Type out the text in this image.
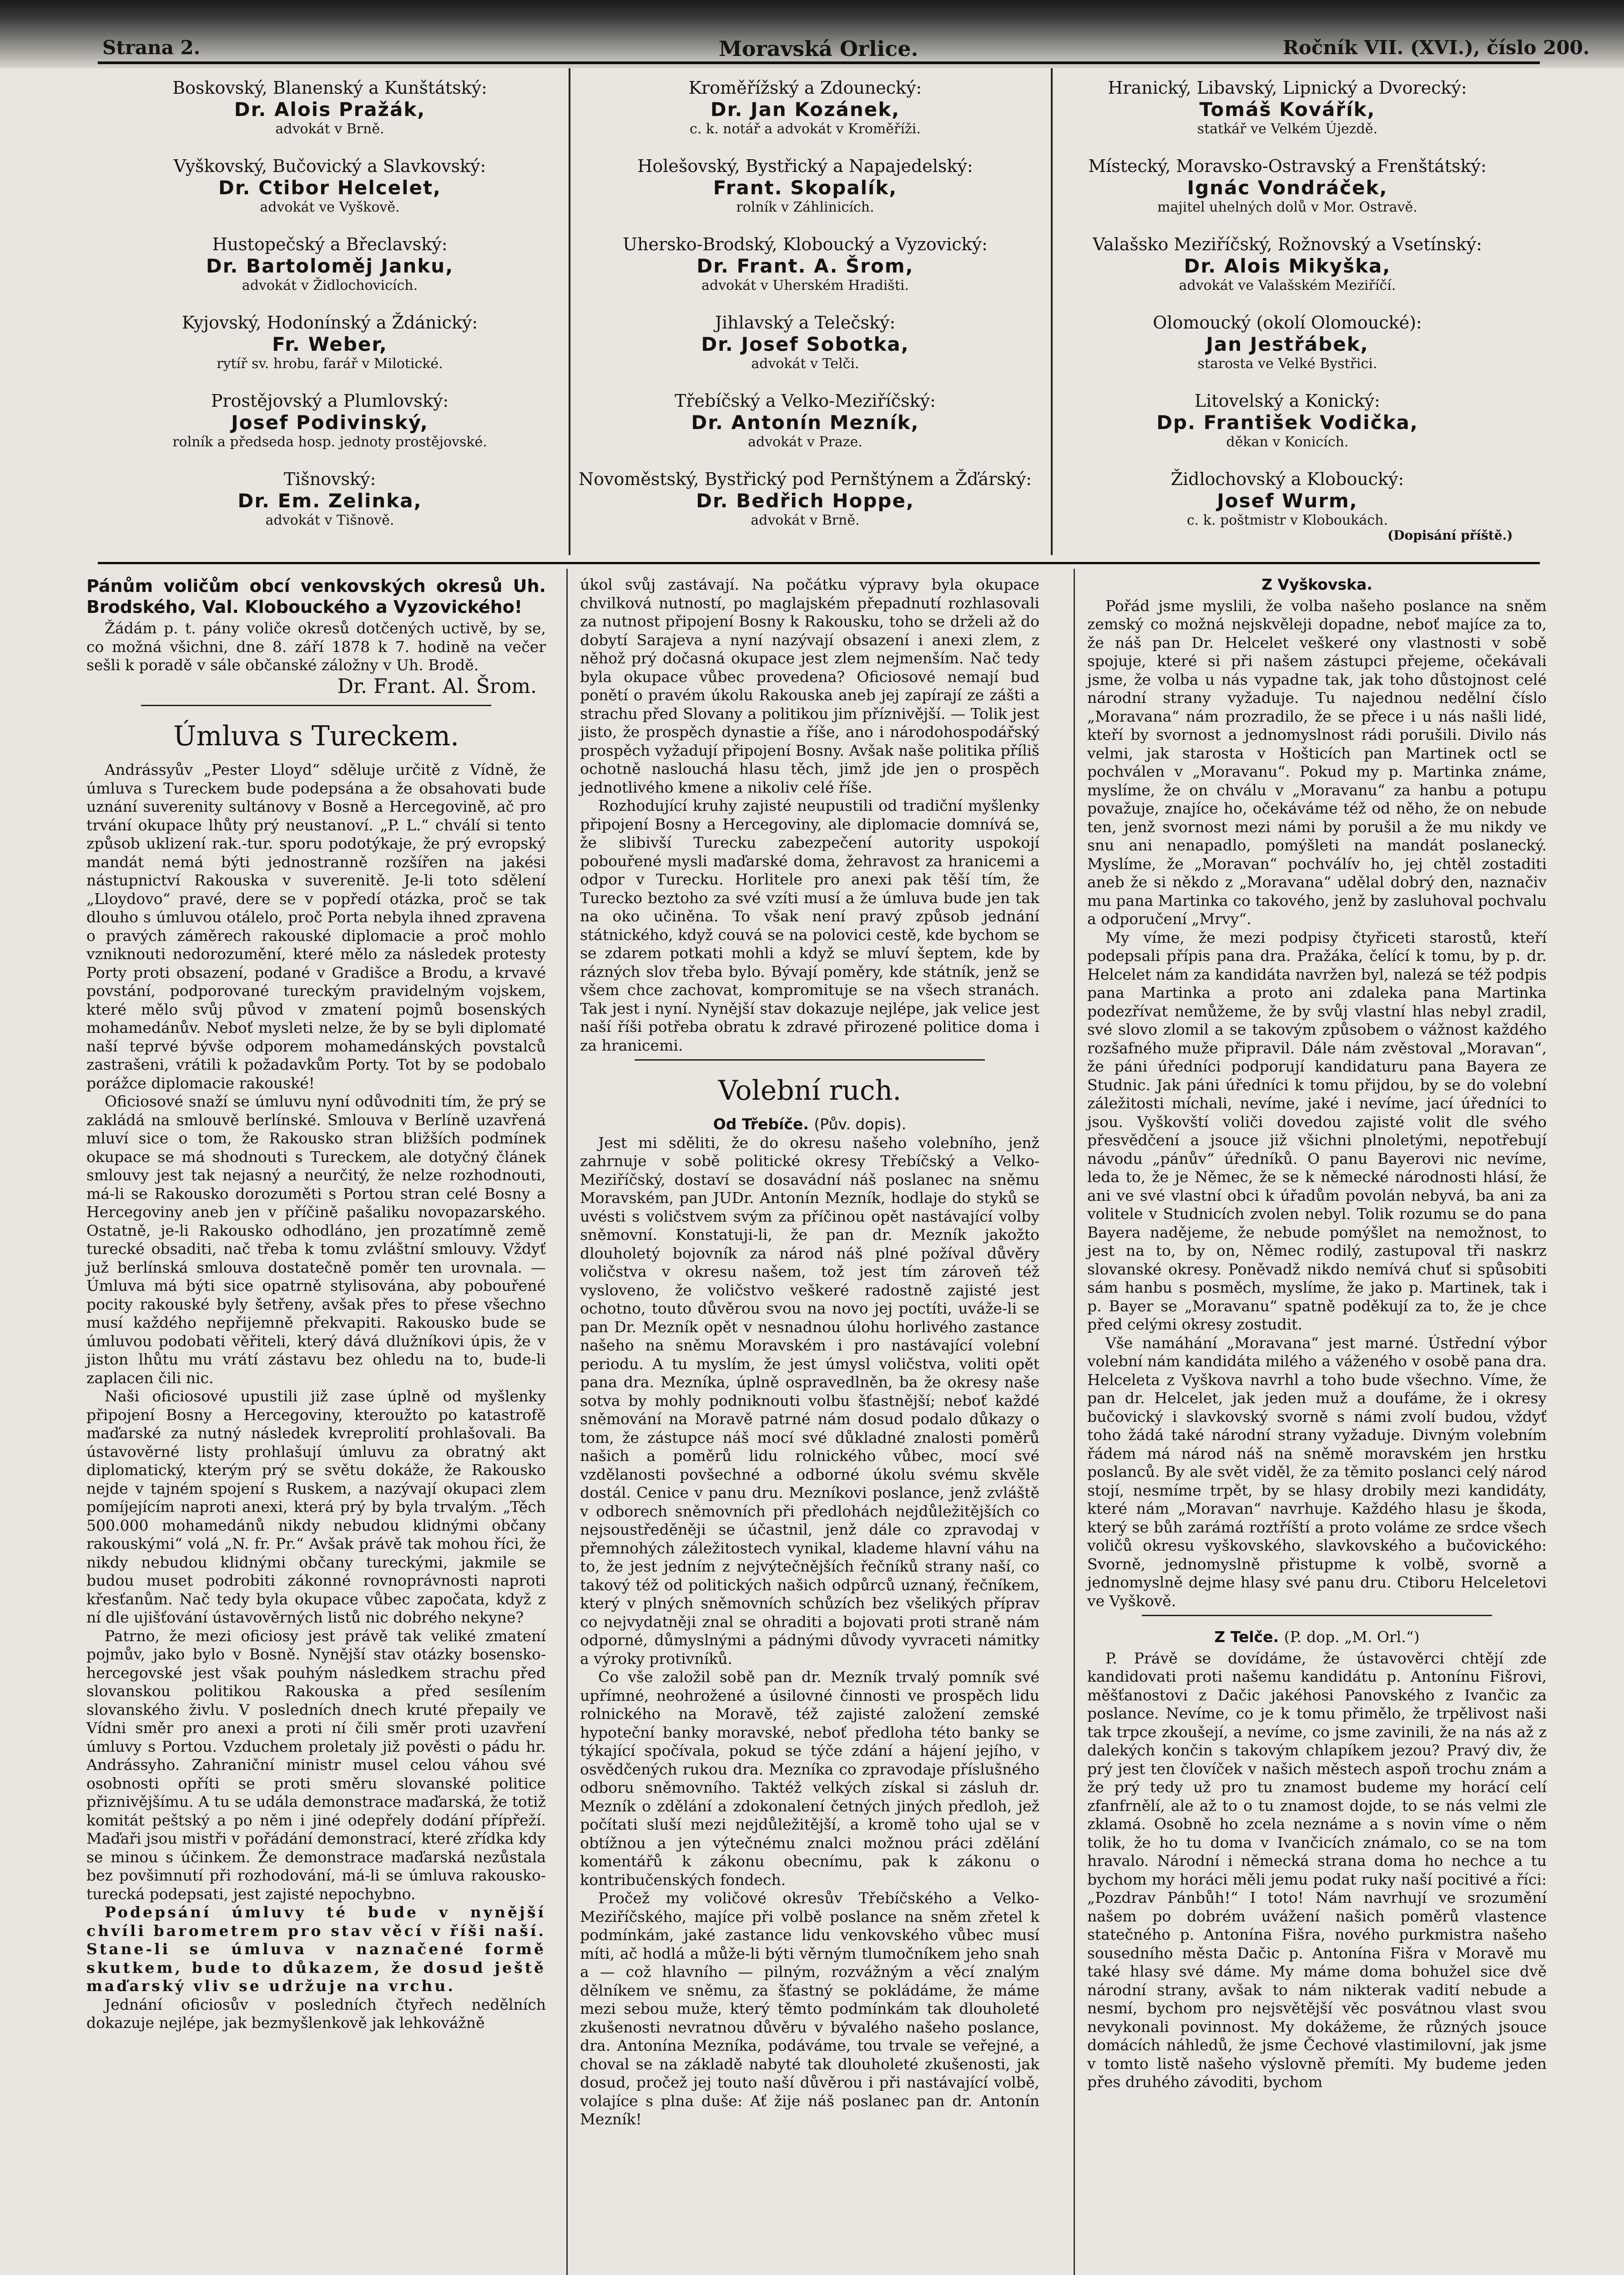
Strana 2.	Moravská Orlice.	Ročník VII. (XVI.), číslo 200.
Boskovský, Blanenský a Kunštátský:
Dr. Alois Pražák,
advokát v Brně.
Vyškovský, Bučovický a Slavkovský:
Dr. Ctibor Helcelet,
advokát ve Vyškově.
Hustopečský a Břeclavský:
Dr. Bartoloměj Janku,
advokát v Židlochovicích.
Kyjovský, Hodonínský a Ždánický:
Fr. Weber,
rytíř sv. hrobu, farář v Milotické.
Prostějovský a Plumlovský:
Josef Podivinský,
rolník a předseda hosp. jednoty prostějovské.
Tišnovský:
Dr. Em. Zelinka,
advokát v Tišnově.
Kroměřížský a Zdounecký:
Dr. Jan Kozánek,
c. k. notář a advokát v Kroměříži.
Holešovský, Bystřický a Napajedelský:
Frant. Skopalík,
rolník v Záhlinicích.
Uhersko-Brodský, Kloboucký a Vyzovický:
Dr. Frant. A. Šrom,
advokát v Uherském Hradišti.
Jihlavský a Telečský:
Dr. Josef Sobotka,
advokát v Telči.
Třebíčský a Velko-Meziříčský:
Dr. Antonín Mezník,
advokát v Praze.
Novoměstský, Bystřický pod Pernštýnem a Žďárský:
Dr. Bedřich Hoppe,
advokát v Brně.
Hranický, Libavský, Lipnický a Dvorecký:
Tomáš Kovářík,
statkář ve Velkém Újezdě.
Místecký, Moravsko-Ostravský a Frenštátský:
Ignác Vondráček,
majitel uhelných dolů v Mor. Ostravě.
Valašsko Meziříčský, Rožnovský a Vsetínský:
Dr. Alois Mikyška,
advokát ve Valašském Meziříčí.
Olomoucký (okolí Olomoucké):
Jan Jestřábek,
starosta ve Velké Bystřici.
Litovelský a Konický:
Dp. František Vodička,
děkan v Konicích.
Židlochovský a Kloboucký:
Josef Wurm,
c. k. poštmistr v Kloboukách.
(Dopisání příště.)
Pánům voličům obcí venkovských okresů Uh. Brodského, Val. Klobouckého a Vyzovického!

Žádám p. t. pány voliče okresů dotčených uctivě, by se, co možná všichni, dne 8. září 1878 k 7. hodině na večer sešli k poradě v sále občanské záložny v Uh. Brodě.

Dr. Frant. Al. Šrom.
Úmluva s Tureckem.

Andrássyův „Pester Lloyd“ sděluje určitě z Vídně, že úmluva s Tureckem bude podepsána a že obsahovati bude uznání suverenity sultánovy v Bosně a Hercegovině, ač pro trvání okupace lhůty prý neustanoví. „P. L.“ chválí si tento způsob uklizení rak.-tur. sporu podotýkaje, že prý evropský mandát nemá býti jednostranně rozšířen na jakési nástupnictví Rakouska v suverenitě. Je-li toto sdělení „Lloydovo“ pravé, dere se v popředí otázka, proč se tak dlouho s úmluvou otálelo, proč Porta nebyla ihned zpravena o pravých záměrech rakouské diplomacie a proč mohlo vzniknouti nedorozumění, které mělo za následek protesty Porty proti obsazení, podané v Gradišce a Brodu, a krvavé povstání, podporované tureckým pravidelným vojskem, které mělo svůj původ v zmatení pojmů bosenských mohamedánův. Neboť mysleti nelze, že by se byli diplomaté naší teprvé bývše odporem mohamedánských povstalců zastrašeni, vrátili k požadavkům Porty. Tot by se podobalo porážce diplomacie rakouské!

Oficiosové snaží se úmluvu nyní odůvodniti tím, že prý se zakládá na smlouvě berlínské. Smlouva v Berlíně uzavřená mluví sice o tom, že Rakousko stran bližších podmínek okupace se má shodnouti s Tureckem, ale dotyčný článek smlouvy jest tak nejasný a neurčitý, že nelze rozhodnouti, má-li se Rakousko dorozuměti s Portou stran celé Bosny a Hercegoviny aneb jen v příčině pašaliku novopazarského. Ostatně, je-li Rakousko odhodláno, jen prozatímně země turecké obsaditi, nač třeba k tomu zvláštní smlouvy. Vždyť juž berlínská smlouva dostatečně poměr ten urovnala. — Úmluva má býti sice opatrně stylisována, aby pobouřené pocity rakouské byly šetřeny, avšak přes to přese všechno musí každého nepřijemně překvapiti. Rakousko bude se úmluvou podobati věřiteli, který dává dlužníkovi úpis, že v jiston lhůtu mu vrátí zástavu bez ohledu na to, bude-li zaplacen čili nic.

Naši oficiosové upustili již zase úplně od myšlenky připojení Bosny a Hercegoviny, kteroužto po katastrofě maďarské za nutný následek kvreprolití prohlašovali. Ba ústavověrné listy prohlašují úmluvu za obratný akt diplomatický, kterým prý se světu dokáže, že Rakousko nejde v tajném spojení s Ruskem, a nazývají okupaci zlem pomíjejícím naproti anexi, která prý by byla trvalým. „Těch 500.000 mohamedánů nikdy nebudou klidnými občany rakouskými“ volá „N. fr. Pr.“ Avšak právě tak mohou říci, že nikdy nebudou klidnými občany tureckými, jakmile se budou muset podrobiti zákonné rovnoprávnosti naproti křesťanům. Nač tedy byla okupace vůbec započata, když z ní dle ujišťování ústavověrných listů nic dobrého nekyne?

Patrno, že mezi oficiosy jest právě tak veliké zmatení pojmův, jako bylo v Bosně. Nynější stav otázky bosensko-hercegovské jest však pouhým následkem strachu před slovanskou politikou Rakouska a před sesílením slovanského živlu. V posledních dnech kruté přepaily ve Vídni směr pro anexi a proti ní čili směr proti uzavření úmluvy s Portou. Vzduchem proletaly již pověsti o pádu hr. Andrássyho. Zahraniční ministr musel celou váhou své osobnosti opříti se proti směru slovanské politice přiznivějšímu. A tu se udála demonstrace maďarská, že totiž komitát peštský a po něm i jiné odepřely dodání přípřeží. Maďaři jsou mistři v pořádání demonstrací, které zřídka kdy se minou s účinkem. Že demonstrace maďarská nezůstala bez povšimnutí při rozhodování, má-li se úmluva rakousko-turecká podepsati, jest zajisté nepochybno.

Podepsání úmluvy té bude v nynější chvíli barometrem pro stav věcí v říši naší. Stane-li se úmluva v naznačené formě skutkem, bude to důkazem, že dosud ještě maďarský vliv se udržuje na vrchu.

Jednání oficiosův v posledních čtyřech nedělních dokazuje nejlépe, jak bezmyšlenkově jak lehkovážně

úkol svůj zastávají. Na počátku výpravy byla okupace chvilková nutností, po maglajském přepadnutí rozhlasovali za nutnost připojení Bosny k Rakousku, toho se drželi až do dobytí Sarajeva a nyní nazývají obsazení i anexi zlem, z něhož prý dočasná okupace jest zlem nejmenším. Nač tedy byla okupace vůbec provedena? Oficiosové nemají bud ponětí o pravém úkolu Rakouska aneb jej zapírají ze zášti a strachu před Slovany a politikou jim příznivější. — Tolik jest jisto, že prospěch dynastie a říše, ano i národohospodářský prospěch vyžadují připojení Bosny. Avšak naše politika příliš ochotně naslouchá hlasu těch, jimž jde jen o prospěch jednotlivého kmene a nikoliv celé říše.

Rozhodující kruhy zajisté neupustili od tradiční myšlenky připojení Bosny a Hercegoviny, ale diplomacie domnívá se, že slibivší Turecku zabezpečení autority uspokojí pobouřené mysli maďarské doma, žehravost za hranicemi a odpor v Turecku. Horlitele pro anexi pak těší tím, že Turecko beztoho za své vzíti musí a že úmluva bude jen tak na oko učiněna. To však není pravý způsob jednání státnického, když couvá se na polovici cestě, kde bychom se se zdarem potkati mohli a když se mluví šeptem, kde by rázných slov třeba bylo. Bývají poměry, kde státník, jenž se všem chce zachovat, kompromituje se na všech stranách. Tak jest i nyní. Nynější stav dokazuje nejlépe, jak velice jest naší říši potřeba obratu k zdravé přirozené politice doma i za hranicemi.

Volební ruch.

Od Třebíče. (Pův. dopis).

Jest mi sděliti, že do okresu našeho volebního, jenž zahrnuje v sobě politické okresy Třebíčský a Velko-Meziříčský, dostaví se dosavádní náš poslanec na sněmu Moravském, pan JUDr. Antonín Mezník, hodlaje do styků se uvésti s voličstvem svým za příčinou opět nastávající volby sněmovní. Konstatuji-li, že pan dr. Mezník jakožto dlouholetý bojovník za národ náš plné požíval důvěry voličstva v okresu našem, tož jest tím zároveň též vysloveno, že voličstvo veškeré radostně zajisté jest ochotno, touto důvěrou svou na novo jej poctíti, uváže-li se pan Dr. Mezník opět v nesnadnou úlohu horlivého zastance našeho na sněmu Moravském i pro nastávající volební periodu. A tu myslím, že jest úmysl voličstva, voliti opět pana dra. Mezníka, úplně ospravedlněn, ba že okresy naše sotva by mohly podniknouti volbu šťastnější; neboť každé sněmování na Moravě patrné nám dosud podalo důkazy o tom, že zástupce náš mocí své důkladné znalosti poměrů našich a poměrů lidu rolnického vůbec, mocí své vzdělanosti povšechné a odborné úkolu svému skvěle dostál. Cenice v panu dru. Mezníkovi poslance, jenž zvláště v odborech sněmovních při předlohách nejdůležitějších co nejsoustředěněji se účastnil, jenž dále co zpravodaj v přemnohých záležitostech vynikal, klademe hlavní váhu na to, že jest jedním z nejvýtečnějších řečníků strany naší, co takový též od politických našich odpůrců uznaný, řečníkem, který v plných sněmovních schůzích bez všelikých příprav co nejvydatněji znal se ohraditi a bojovati proti straně nám odporné, důmyslnými a pádnými důvody vyvraceti námitky a výroky protivníků.

Co vše založil sobě pan dr. Mezník trvalý pomník své upřímné, neohrožené a úsilovné činnosti ve prospěch lidu rolnického na Moravě, též zajisté založení zemské hypoteční banky moravské, neboť předloha této banky se týkající spočívala, pokud se týče zdání a hájení jejího, v osvědčených rukou dra. Mezníka co zpravodaje příslušného odboru sněmovního. Taktéž velkých získal si zásluh dr. Mezník o zdělání a zdokonalení četných jiných předloh, jež počítati sluší mezi nejdůležitější, a kromě toho ujal se v obtížnou a jen výtečnému znalci možnou práci zdělání komentářů k zákonu obecnímu, pak k zákonu o kontribučenských fondech.

Pročež my voličové okresův Třebíčského a Velko-Meziříčského, majíce při volbě poslance na sněm zřetel k podmínkám, jaké zastance lidu venkovského vůbec musí míti, ač hodlá a může-li býti věrným tlumočníkem jeho snah a — což hlavního — pilným, rozvážným a věcí znalým dělníkem ve sněmu, za šťastný se pokládáme, že máme mezi sebou muže, který těmto podmínkám tak dlouholeté zkušenosti nevratnou důvěru v bývalého našeho poslance, dra. Antonína Mezníka, podáváme, tou trvale se veřejné, a choval se na základě nabyté tak dlouholeté zkušenosti, jak dosud, pročež jej touto naší důvěrou i při nastávající volbě, volajíce s plna duše: Ať žije náš poslanec pan dr. Antonín Mezník!

Z Vyškovska.

Pořád jsme myslili, že volba našeho poslance na sněm zemský co možná nejskvěleji dopadne, neboť majíce za to, že náš pan Dr. Helcelet veškeré ony vlastnosti v sobě spojuje, které si při našem zástupci přejeme, očekávali jsme, že volba u nás vypadne tak, jak toho důstojnost celé národní strany vyžaduje. Tu najednou nedělní číslo „Moravana“ nám prozradilo, že se přece i u nás našli lidé, kteří by svornost a jednomyslnost rádi porušili. Divilo nás velmi, jak starosta v Hošticích pan Martinek octl se pochválen v „Moravanu“. Pokud my p. Martinka známe, myslíme, že on chválu v „Moravanu“ za hanbu a potupu považuje, znajíce ho, očekáváme též od něho, že on nebude ten, jenž svornost mezi námi by porušil a že mu nikdy ve snu ani nenapadlo, pomýšleti na mandát poslanecký. Myslíme, že „Moravan“ pochválív ho, jej chtěl zostaditi aneb že si někdo z „Moravana“ udělal dobrý den, naznačiv mu pana Martinka co takového, jenž by zasluhoval pochvalu a odporučení „Mrvy“.

My víme, že mezi podpisy čtyřiceti starostů, kteří podepsali přípis pana dra. Pražáka, čelící k tomu, by p. dr. Helcelet nám za kandidáta navržen byl, nalezá se též podpis pana Martinka a proto ani zdaleka pana Martinka podezřívat nemůžeme, že by svůj vlastní hlas nebyl zradil, své slovo zlomil a se takovým způsobem o vážnost každého rozšafného muže připravil. Dále nám zvěstoval „Moravan“, že páni úředníci podporují kandidaturu pana Bayera ze Studnic. Jak páni úředníci k tomu přijdou, by se do volební záležitosti míchali, nevíme, jaké i nevíme, jací úředníci to jsou. Vyškovští voliči dovedou zajisté volit dle svého přesvědčení a jsouce již všichni plnoletými, nepotřebují návodu „pánův“ úředníků. O panu Bayerovi nic nevíme, leda to, že je Němec, že se k německé národnosti hlásí, že ani ve své vlastní obci k úřadům povolán nebyvá, ba ani za volitele v Studnicích zvolen nebyl. Tolik rozumu se do pana Bayera nadějeme, že nebude pomýšlet na nemožnost, to jest na to, by on, Němec rodilý, zastupoval tři naskrz slovanské okresy. Poněvadž nikdo nemívá chuť si spůsobiti sám hanbu s posměch, myslíme, že jako p. Martinek, tak i p. Bayer se „Moravanu“ spatně poděkují za to, že je chce před celými okresy zostudit.

Vše namáhání „Moravana“ jest marné. Ústřední výbor volební nám kandidáta milého a váženého v osobě pana dra. Helceleta z Vyškova navrhl a toho bude všechno. Víme, že pan dr. Helcelet, jak jeden muž a doufáme, že i okresy bučovický i slavkovský svorně s námi zvolí budou, vždyť toho žádá také národní strany vyžaduje. Divným volebním řádem má národ náš na sněmě moravském jen hrstku poslanců. By ale svět viděl, že za těmito poslanci celý národ stojí, nesmíme trpět, by se hlasy drobily mezi kandidáty, které nám „Moravan“ navrhuje. Každého hlasu je škoda, který se bůh zarámá roztříští a proto voláme ze srdce všech voličů okresu vyškovského, slavkovského a bučovického: Svorně, jednomyslně přistupme k volbě, svorně a jednomyslně dejme hlasy své panu dru. Ctiboru Helceletovi ve Vyškově.

Z Telče. (P. dop. „M. Orl.“)

P. Právě se dovídáme, že ústavověrci chtějí zde kandidovati proti našemu kandidátu p. Antonínu Fišrovi, měšťanostovi z Dačic jakéhosi Panovského z Ivančic za poslance. Nevíme, co je k tomu přimělo, že trpělivost naši tak trpce zkoušejí, a nevíme, co jsme zavinili, že na nás až z dalekých končin s takovým chlapíkem jezou? Pravý div, že prý jest ten človíček v našich městech aspoň trochu znám a že prý tedy už pro tu znamost budeme my horácí celí zfanfrnělí, ale až to o tu znamost dojde, to se nás velmi zle zklamá. Osobně ho zcela neznáme a s novin víme o něm tolik, že ho tu doma v Ivančicích známalo, co se na tom hravalo. Národní i německá strana doma ho nechce a tu bychom my horáci měli jemu podat ruky naší pocitivé a říci: „Pozdrav Pánbůh!“ I toto! Nám navrhují ve srozumění našem po dobrém uvážení našich poměrů vlastence statečného p. Antonína Fišra, nového purkmistra našeho sousedního města Dačic p. Antonína Fišra v Moravě mu také hlasy své dáme. My máme doma bohužel sice dvě národní strany, avšak to nám nikterak vadití nebude a nesmí, bychom pro nejsvětější věc posvátnou vlast svou nevykonali povinnost. My dokážeme, že různých jsouce domácích náhledů, že jsme Čechové vlastimilovní, jak jsme v tomto listě našeho výslovně přemíti. My budeme jeden přes druhého závoditi, bychom
